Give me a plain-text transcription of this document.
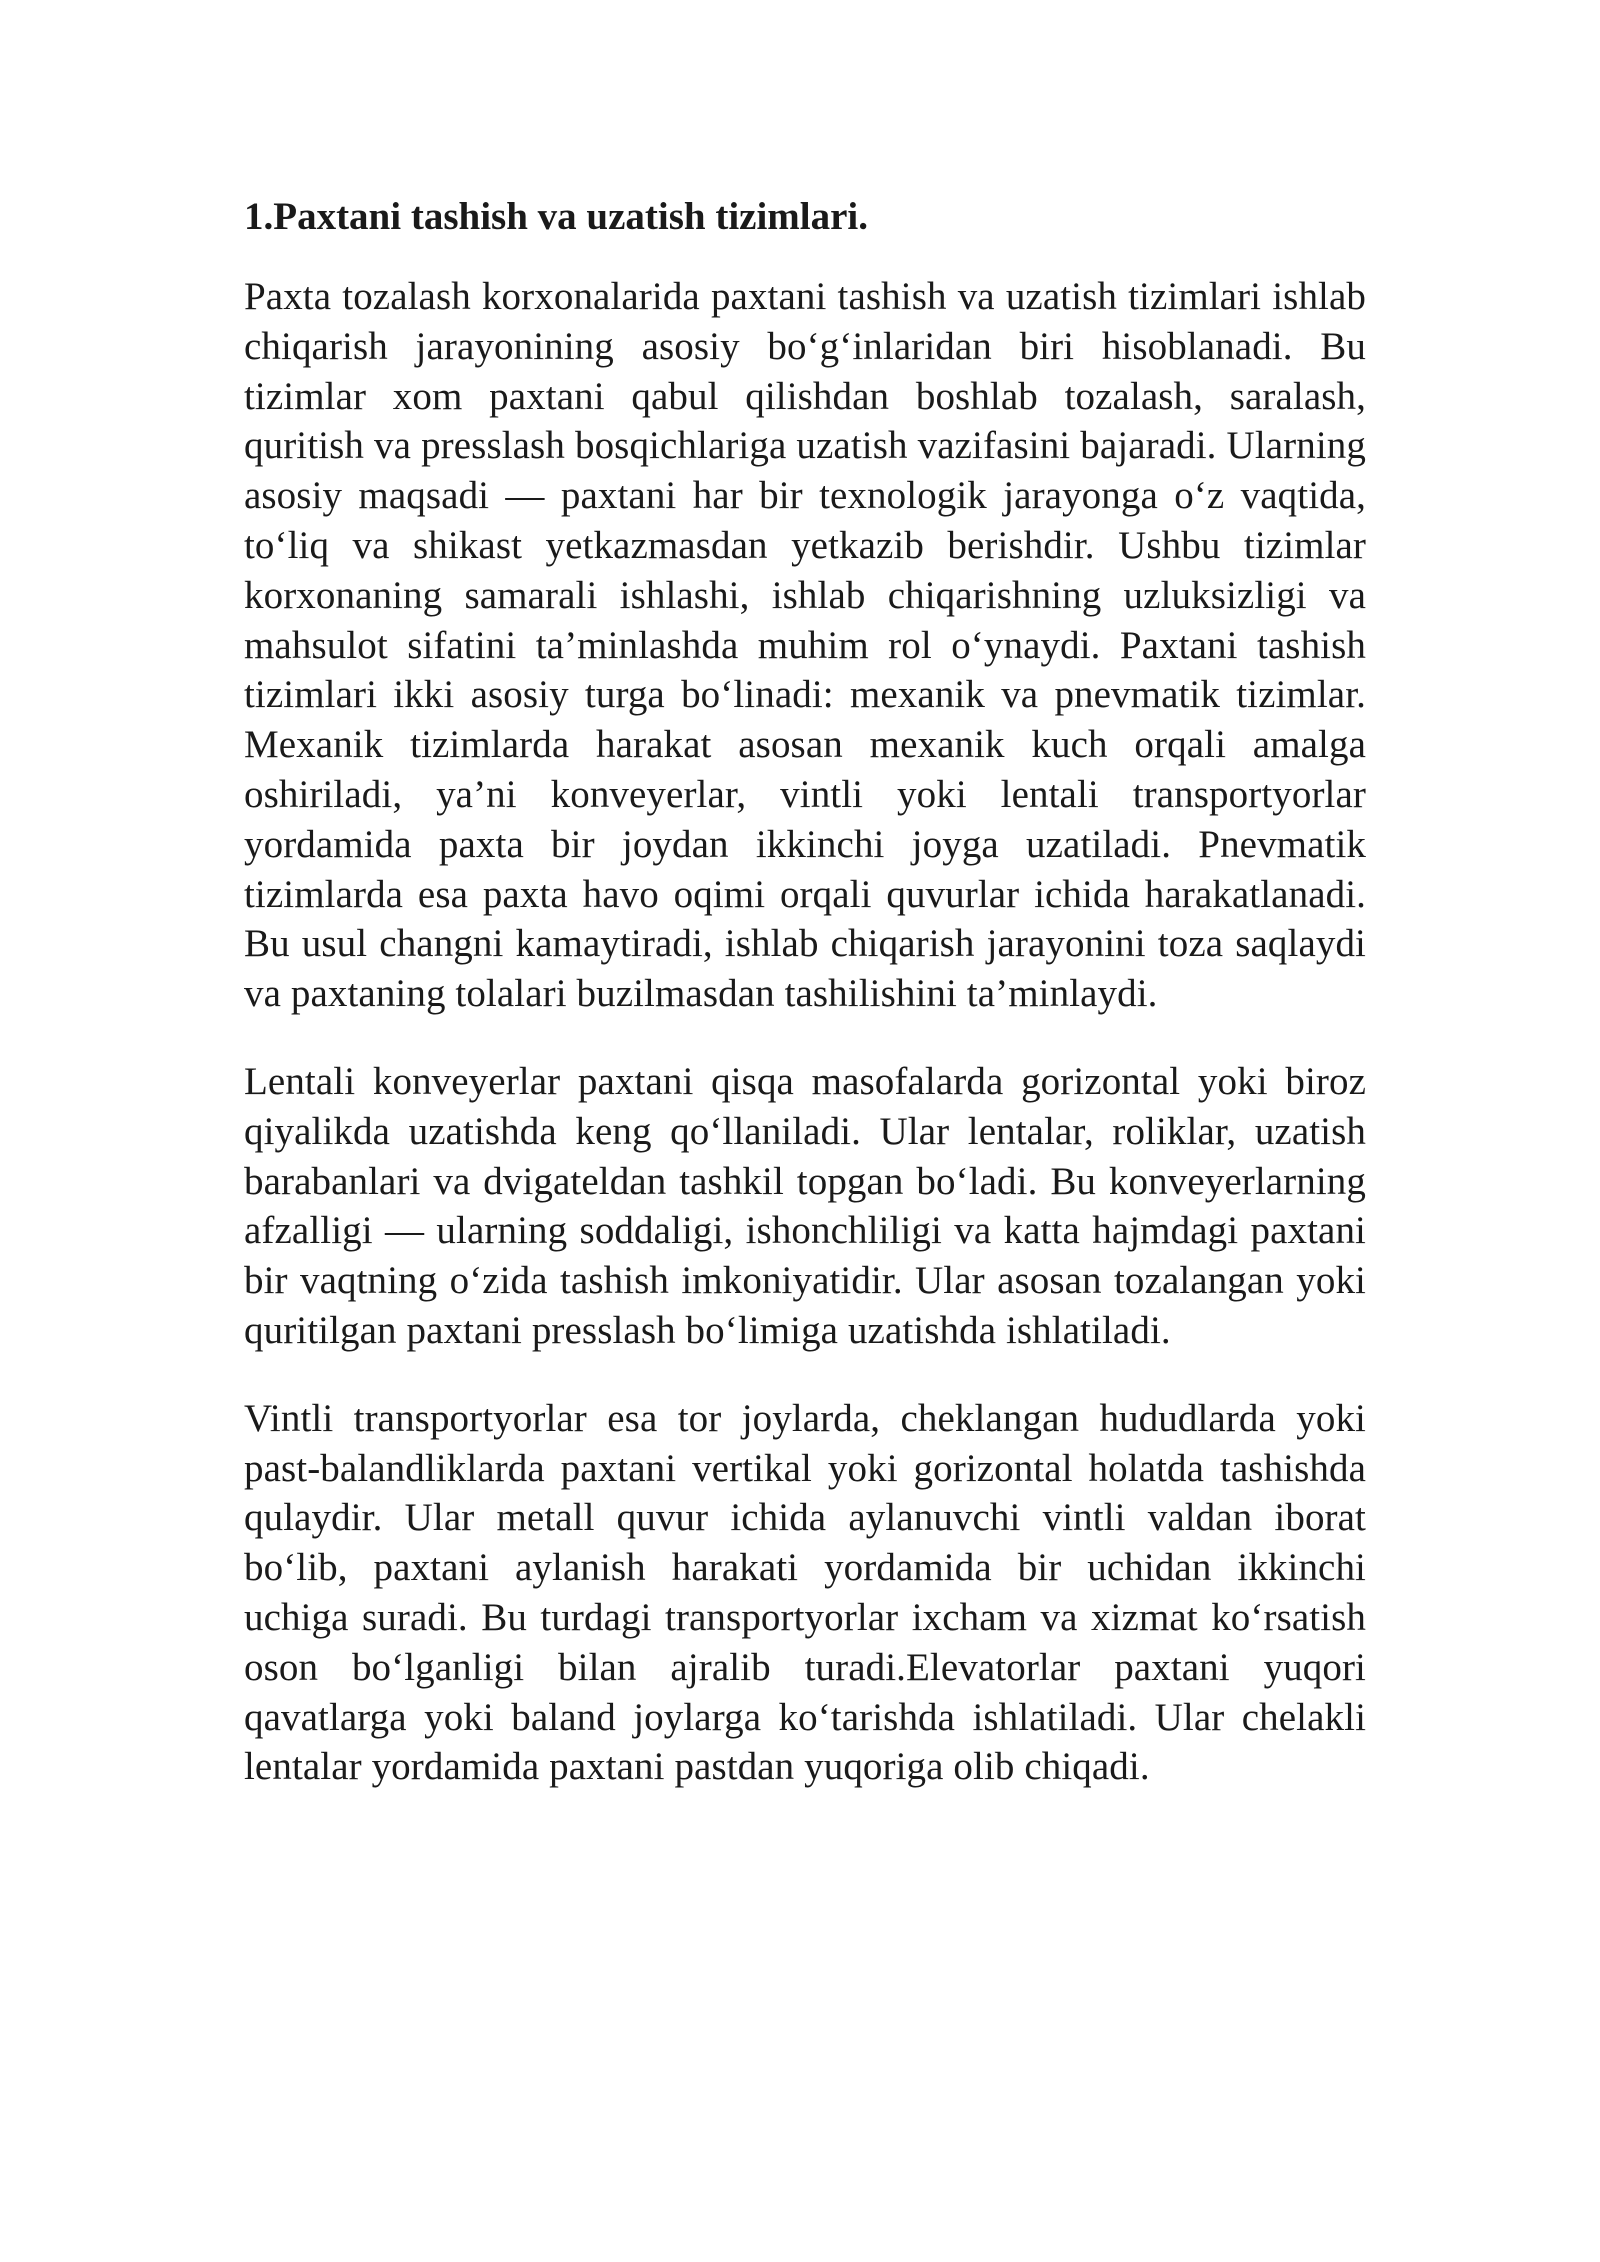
1.Paxtani tashish va uzatish tizimlari.

Paxta tozalash korxonalarida paxtani tashish va uzatish tizimlari ishlab chiqarish jarayonining asosiy bo‘g‘inlaridan biri hisoblanadi. Bu tizimlar xom paxtani qabul qilishdan boshlab tozalash, saralash, quritish va presslash bosqichlariga uzatish vazifasini bajaradi. Ularning asosiy maqsadi — paxtani har bir texnologik jarayonga o‘z vaqtida, to‘liq va shikast yetkazmasdan yetkazib berishdir. Ushbu tizimlar korxonaning samarali ishlashi, ishlab chiqarishning uzluksizligi va mahsulot sifatini ta’minlashda muhim rol o‘ynaydi. Paxtani tashish tizimlari ikki asosiy turga bo‘linadi: mexanik va pnevmatik tizimlar. Mexanik tizimlarda harakat asosan mexanik kuch orqali amalga oshiriladi, ya’ni konveyerlar, vintli yoki lentali transportyorlar yordamida paxta bir joydan ikkinchi joyga uzatiladi. Pnevmatik tizimlarda esa paxta havo oqimi orqali quvurlar ichida harakatlanadi. Bu usul changni kamaytiradi, ishlab chiqarish jarayonini toza saqlaydi va paxtaning tolalari buzilmasdan tashilishini ta’minlaydi.

Lentali konveyerlar paxtani qisqa masofalarda gorizontal yoki biroz qiyalikda uzatishda keng qo‘llaniladi. Ular lentalar, roliklar, uzatish barabanlari va dvigateldan tashkil topgan bo‘ladi. Bu konveyerlarning afzalligi — ularning soddaligi, ishonchliligi va katta hajmdagi paxtani bir vaqtning o‘zida tashish imkoniyatidir. Ular asosan tozalangan yoki quritilgan paxtani presslash bo‘limiga uzatishda ishlatiladi.

Vintli transportyorlar esa tor joylarda, cheklangan hududlarda yoki past-balandliklarda paxtani vertikal yoki gorizontal holatda tashishda qulaydir. Ular metall quvur ichida aylanuvchi vintli valdan iborat bo‘lib, paxtani aylanish harakati yordamida bir uchidan ikkinchi uchiga suradi. Bu turdagi transportyorlar ixcham va xizmat ko‘rsatish oson bo‘lganligi bilan ajralib turadi.Elevatorlar paxtani yuqori qavatlarga yoki baland joylarga ko‘tarishda ishlatiladi. Ular chelakli lentalar yordamida paxtani pastdan yuqoriga olib chiqadi.
